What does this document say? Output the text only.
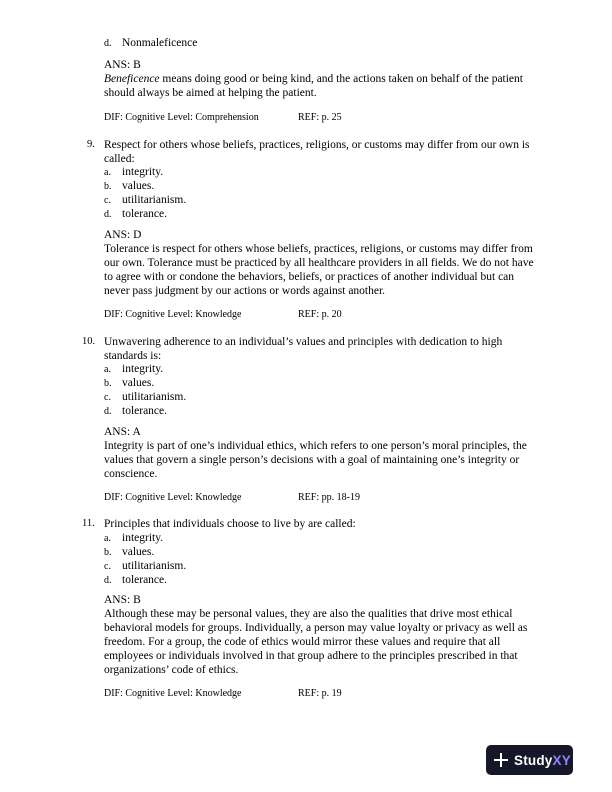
d. Nonmaleficence
ANS: B
Beneficence means doing good or being kind, and the actions taken on behalf of the patient
should always be aimed at helping the patient.
DIF: Cognitive Level: Comprehension	REF: p. 25
9. Respect for others whose beliefs, practices, religions, or customs may differ from our own is
called:
a. integrity.
b. values.
c. utilitarianism.
d. tolerance.
ANS: D
Tolerance is respect for others whose beliefs, practices, religions, or customs may differ from
our own. Tolerance must be practiced by all healthcare providers in all fields. We do not have
to agree with or condone the behaviors, beliefs, or practices of another individual but can
never pass judgment by our actions or words against another.
DIF: Cognitive Level: Knowledge	REF: p. 20
10. Unwavering adherence to an individual’s values and principles with dedication to high
standards is:
a. integrity.
b. values.
c. utilitarianism.
d. tolerance.
ANS: A
Integrity is part of one’s individual ethics, which refers to one person’s moral principles, the
values that govern a single person’s decisions with a goal of maintaining one’s integrity or
conscience.
DIF: Cognitive Level: Knowledge	REF: pp. 18-19
11. Principles that individuals choose to live by are called:
a. integrity.
b. values.
c. utilitarianism.
d. tolerance.
ANS: B
Although these may be personal values, they are also the qualities that drive most ethical
behavioral models for groups. Individually, a person may value loyalty or privacy as well as
freedom. For a group, the code of ethics would mirror these values and require that all
employees or individuals involved in that group adhere to the principles prescribed in that
organizations’ code of ethics.
DIF: Cognitive Level: Knowledge	REF: p. 19
StudyXY
